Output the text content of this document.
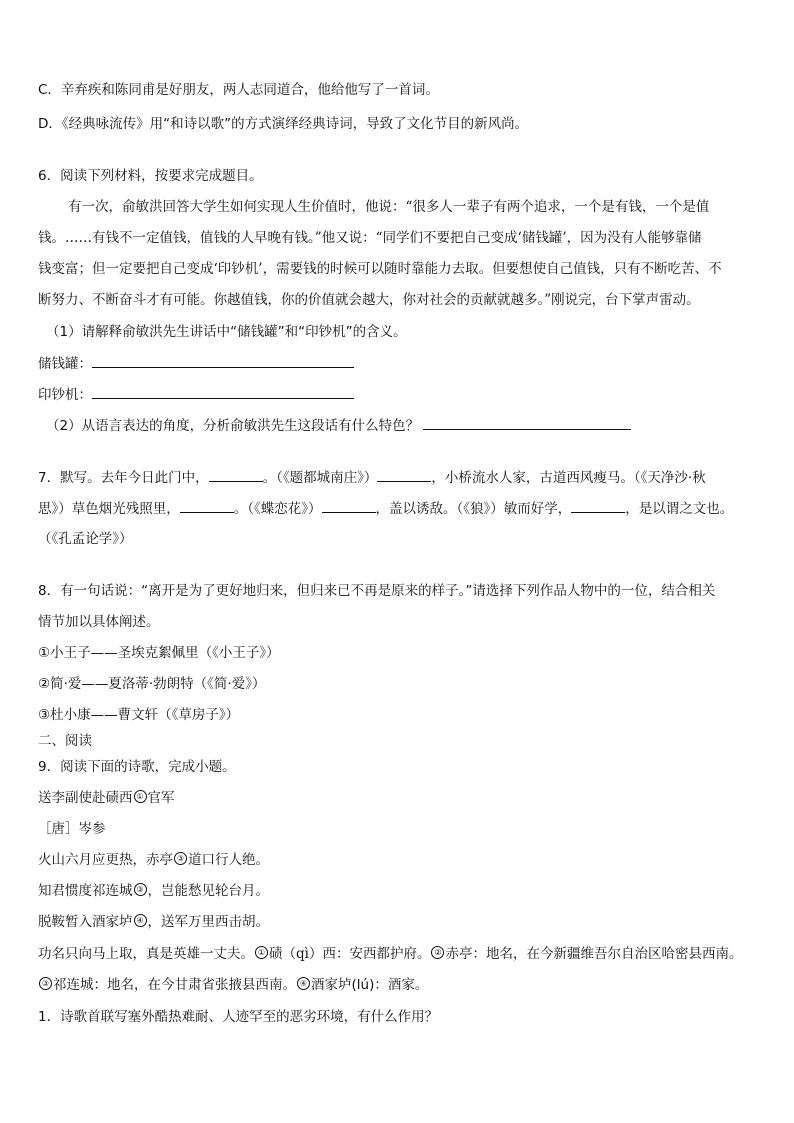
C．辛弃疾和陈同甫是好朋友，两人志同道合，他给他写了一首词。
D．《经典咏流传》用“和诗以歌”的方式演绎经典诗词，导致了文化节目的新风尚。
6．阅读下列材料，按要求完成题目。
有一次，俞敏洪回答大学生如何实现人生价值时，他说：“很多人一辈子有两个追求，一个是有钱，一个是值
钱。……有钱不一定值钱，值钱的人早晚有钱。”他又说：“同学们不要把自己变成‘储钱罐’，因为没有人能够靠储
钱变富；但一定要把自己变成‘印钞机’，需要钱的时候可以随时靠能力去取。但要想使自己值钱，只有不断吃苦、不
断努力、不断奋斗才有可能。你越值钱，你的价值就会越大，你对社会的贡献就越多。”刚说完，台下掌声雷动。
（1）请解释俞敏洪先生讲话中“储钱罐”和“印钞机”的含义。
储钱罐：
印钞机：
（2）从语言表达的角度，分析俞敏洪先生这段话有什么特色？
7．默写。去年今日此门中，	。（《题都城南庄》）	，小桥流水人家，古道西风瘦马。（《天净沙·秋
思》）草色烟光残照里，	。（《蝶恋花》）	，盖以诱敌。（《狼》）敏而好学，	，是以谓之文也。
（《孔孟论学》）
8．有一句话说：“离开是为了更好地归来，但归来已不再是原来的样子。”请选择下列作品人物中的一位，结合相关
情节加以具体阐述。
①小王子——圣埃克絮佩里（《小王子》）
②简·爱——夏洛蒂·勃朗特（《简·爱》）
③杜小康——曹文轩（《草房子》）
二、阅读
9．阅读下面的诗歌，完成小题。
送李副使赴碛西 ① 官军
［唐］岑参
火山六月应更热，赤亭 ③ 道口行人绝。
知君惯度祁连城 ③ ，岂能愁见轮台月。
脱鞍暂入酒家垆 ④ ，送军万里西击胡。
功名只向马上取，真是英雄一丈夫。 ① 碛（qì）西：安西都护府。 ② 赤亭：地名，在今新疆维吾尔自治区哈密县西南。
③ 祁连城：地名，在今甘肃省张掖县西南。 ④ 酒家垆(lú)：酒家。
1．诗歌首联写塞外酷热难耐、人迹罕至的恶劣环境，有什么作用？
